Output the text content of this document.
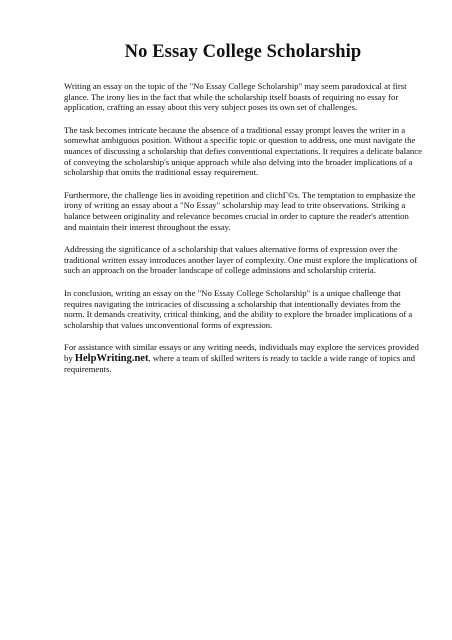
No Essay College Scholarship

Writing an essay on the topic of the "No Essay College Scholarship" may seem paradoxical at first glance. The irony lies in the fact that while the scholarship itself boasts of requiring no essay for application, crafting an essay about this very subject poses its own set of challenges.

The task becomes intricate because the absence of a traditional essay prompt leaves the writer in a somewhat ambiguous position. Without a specific topic or question to address, one must navigate the nuances of discussing a scholarship that defies conventional expectations. It requires a delicate balance of conveying the scholarship's unique approach while also delving into the broader implications of a scholarship that omits the traditional essay requirement.

Furthermore, the challenge lies in avoiding repetition and clichГ©s. The temptation to emphasize the irony of writing an essay about a "No Essay" scholarship may lead to trite observations. Striking a balance between originality and relevance becomes crucial in order to capture the reader's attention and maintain their interest throughout the essay.

Addressing the significance of a scholarship that values alternative forms of expression over the traditional written essay introduces another layer of complexity. One must explore the implications of such an approach on the broader landscape of college admissions and scholarship criteria.

In conclusion, writing an essay on the "No Essay College Scholarship" is a unique challenge that requires navigating the intricacies of discussing a scholarship that intentionally deviates from the norm. It demands creativity, critical thinking, and the ability to explore the broader implications of a scholarship that values unconventional forms of expression.

For assistance with similar essays or any writing needs, individuals may explore the services provided by HelpWriting.net, where a team of skilled writers is ready to tackle a wide range of topics and requirements.
